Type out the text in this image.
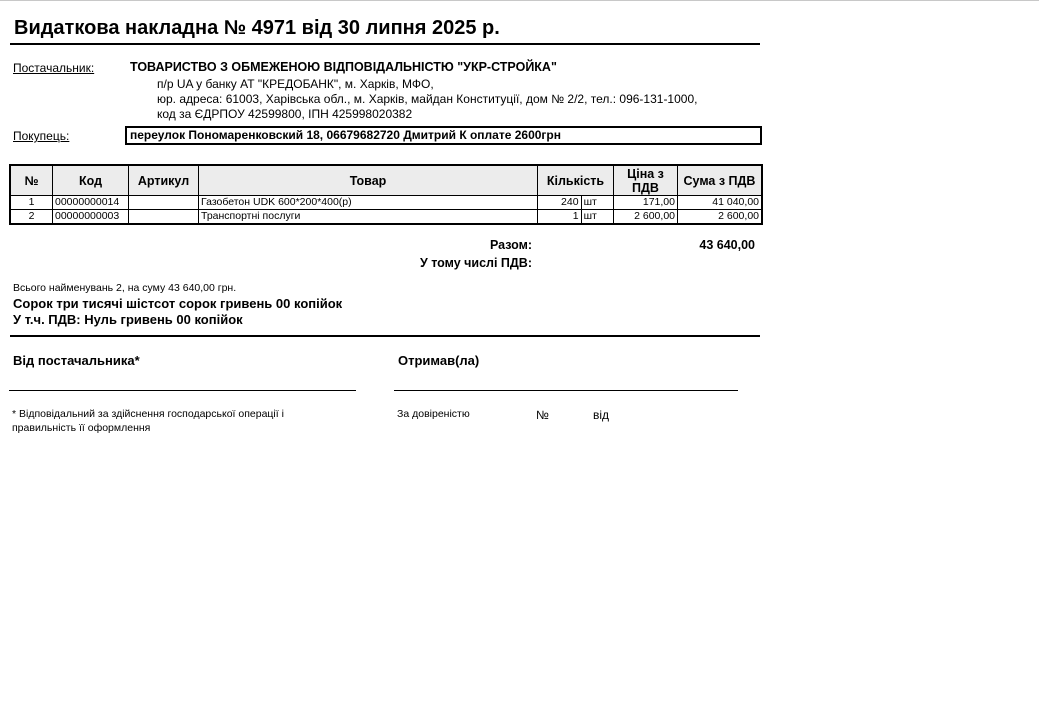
Видаткова накладна № 4971 від 30 липня 2025 р.
Постачальник:	ТОВАРИСТВО З ОБМЕЖЕНОЮ ВІДПОВІДАЛЬНІСТЮ "УКР-СТРОЙКА"
п/р UA у банку АТ "КРЕДОБАНК", м. Харків, МФО,
юр. адреса: 61003, Харівська обл., м. Харків, майдан Конституції, дом № 2/2, тел.: 096-131-1000,
код за ЄДРПОУ 42599800, ІПН 425998020382
Покупець:	переулок Пономаренковский 18, 06679682720 Дмитрий К оплате 2600грн
№	Код	Артикул	Товар	Кількість		Ціна з ПДВ	Сума з ПДВ
1	00000000014		Газобетон UDK 600*200*400(р)	240	шт	171,00	41 040,00
2	00000000003		Транспортні послуги	1	шт	2 600,00	2 600,00
Разом:	43 640,00
У тому числі ПДВ:
Всього найменувань 2, на суму 43 640,00 грн.
Сорок три тисячі шістсот сорок гривень 00 копійок
У т.ч. ПДВ: Нуль гривень 00 копійок
Від постачальника*	Отримав(ла)
* Відповідальний за здійснення господарської операції і
правильність її оформлення
За довіреністю	№	від
